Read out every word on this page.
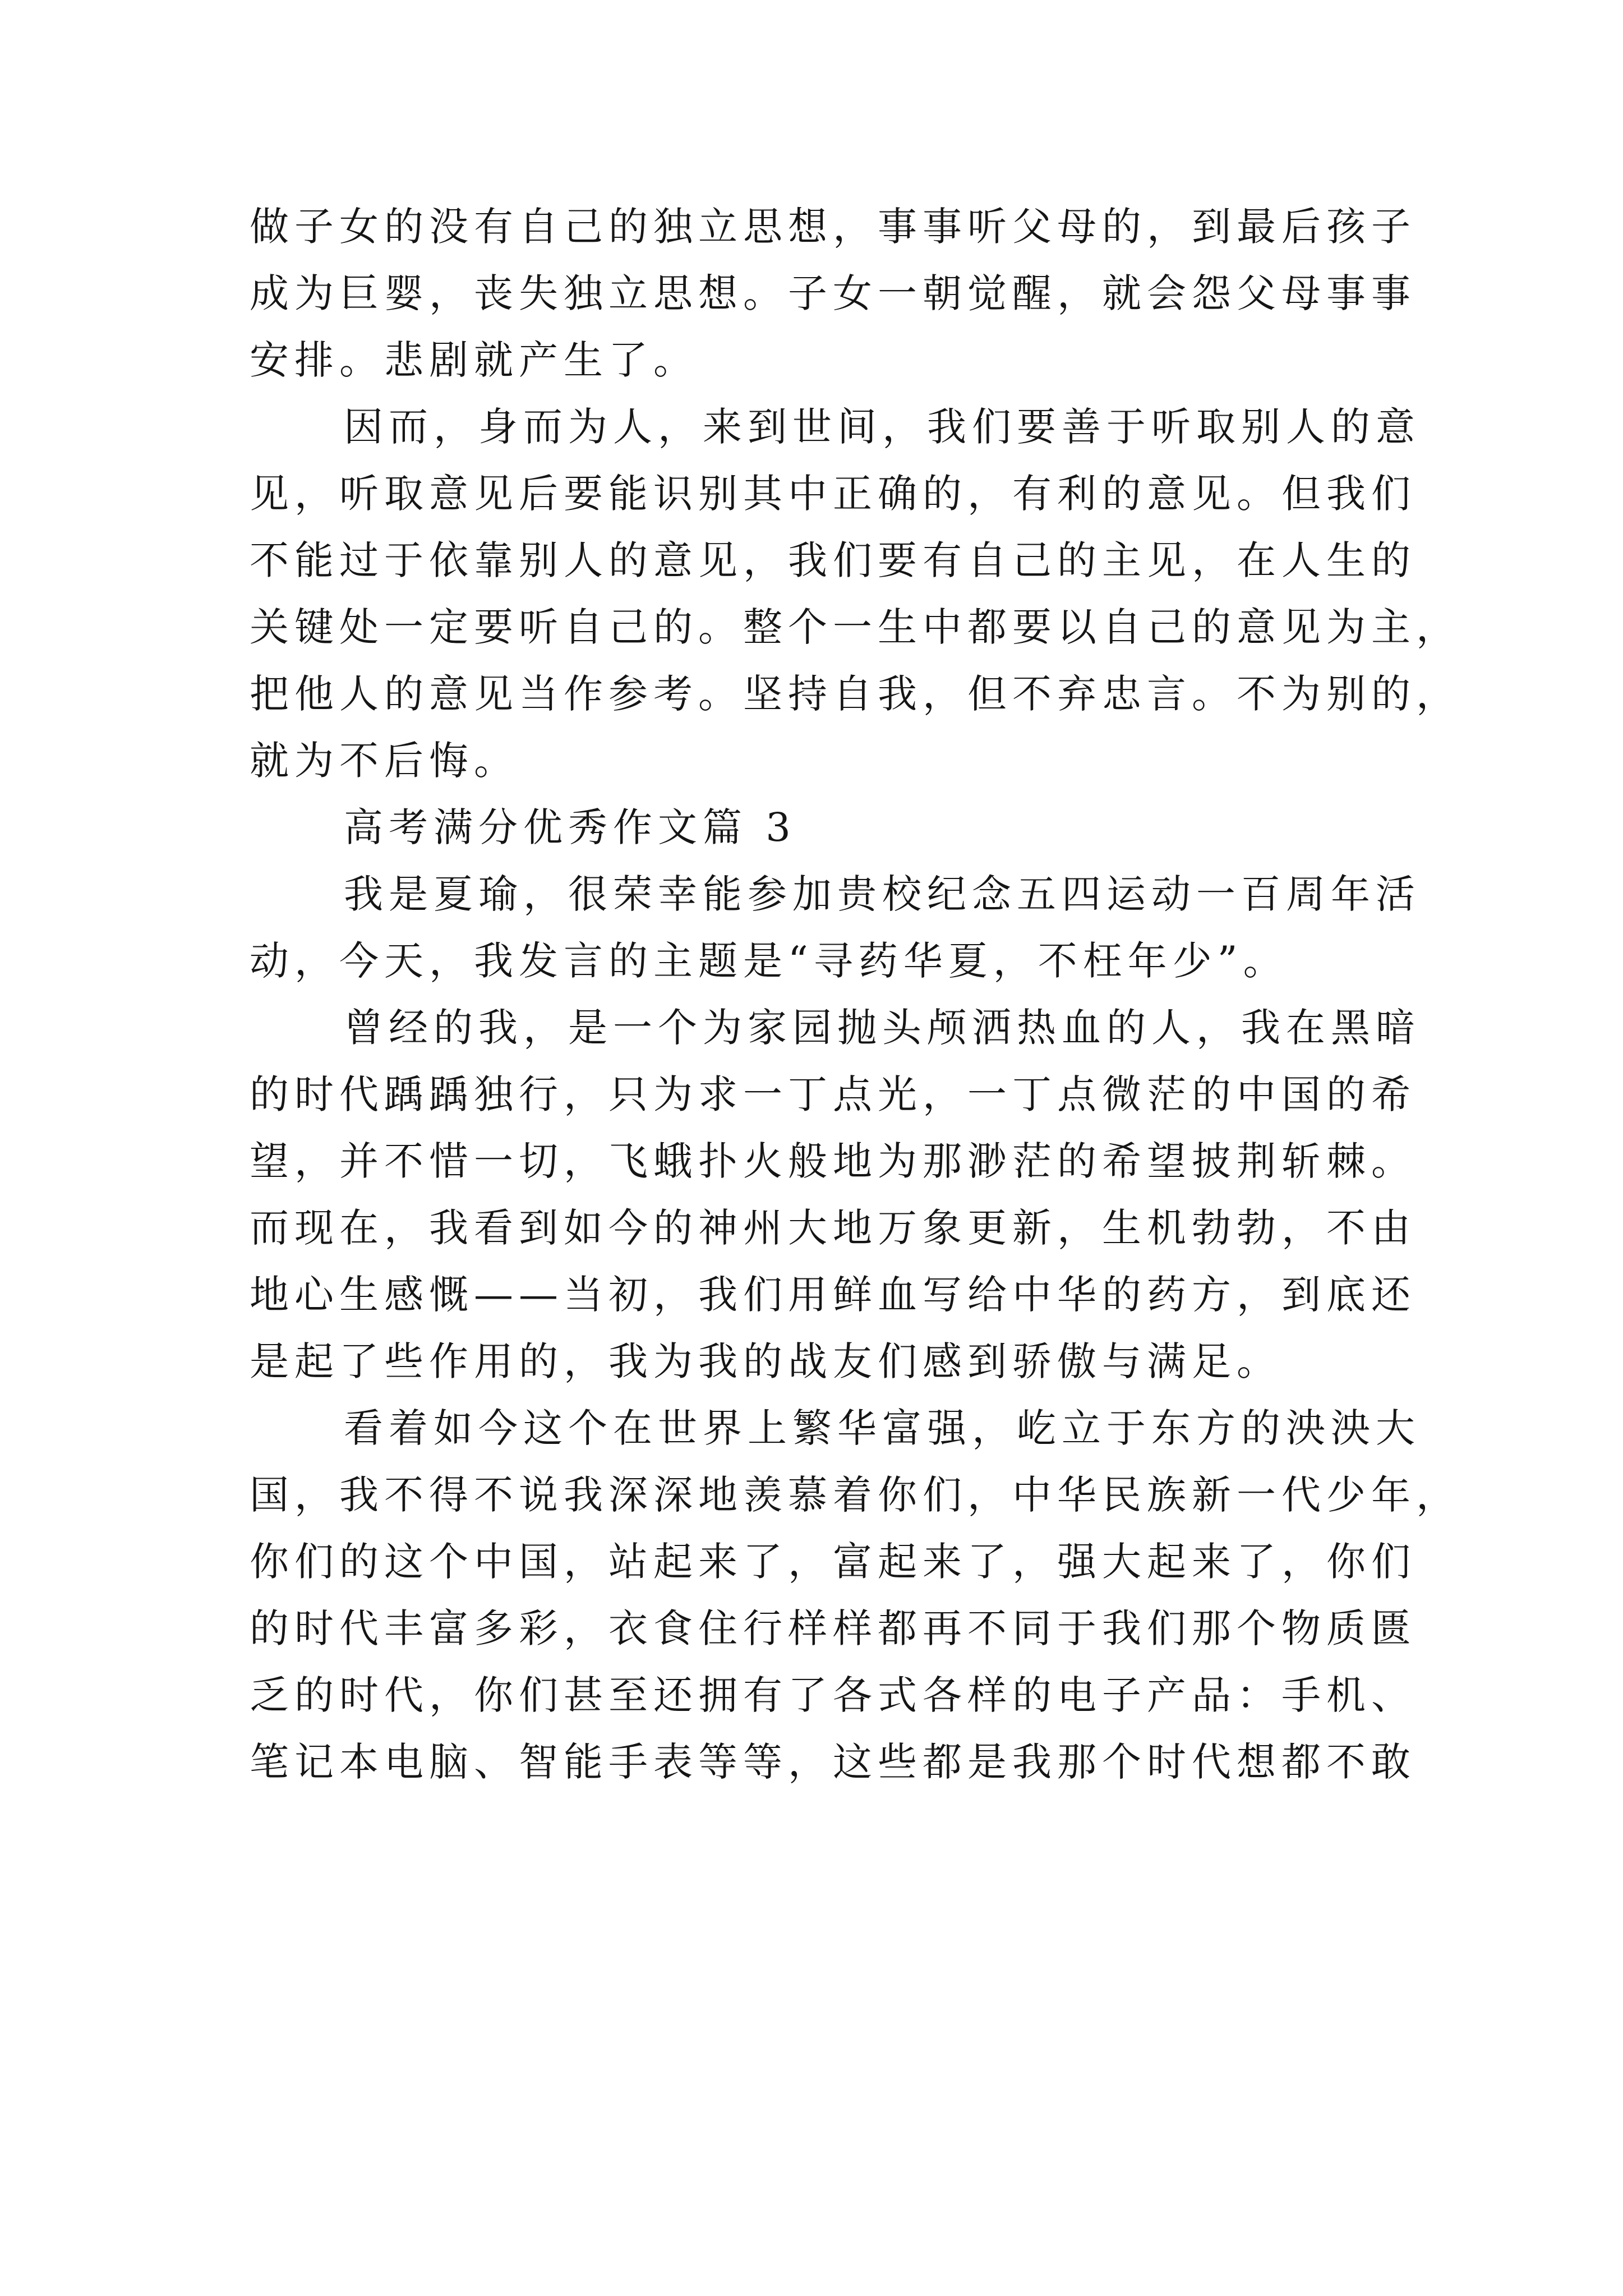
做子女的没有自己的独立思想，事事听父母的，到最后孩子
成为巨婴，丧失独立思想。子女一朝觉醒，就会怨父母事事
安排。悲剧就产生了。
因而，身而为人，来到世间，我们要善于听取别人的意
见，听取意见后要能识别其中正确的，有利的意见。但我们
不能过于依靠别人的意见，我们要有自己的主见，在人生的
关键处一定要听自己的。整个一生中都要以自己的意见为主，
把他人的意见当作参考。坚持自我，但不弃忠言。不为别的，
就为不后悔。
高考满分优秀作文篇 3
我是夏瑜，很荣幸能参加贵校纪念五四运动一百周年活
动，今天，我发言的主题是“寻药华夏，不枉年少”。
曾经的我，是一个为家园抛头颅洒热血的人，我在黑暗
的时代踽踽独行，只为求一丁点光，一丁点微茫的中国的希
望，并不惜一切，飞蛾扑火般地为那渺茫的希望披荆斩棘。
而现在，我看到如今的神州大地万象更新，生机勃勃，不由
地心生感慨——当初，我们用鲜血写给中华的药方，到底还
是起了些作用的，我为我的战友们感到骄傲与满足。
看着如今这个在世界上繁华富强，屹立于东方的泱泱大
国，我不得不说我深深地羡慕着你们，中华民族新一代少年，
你们的这个中国，站起来了，富起来了，强大起来了，你们
的时代丰富多彩，衣食住行样样都再不同于我们那个物质匮
乏的时代，你们甚至还拥有了各式各样的电子产品：手机、
笔记本电脑、智能手表等等，这些都是我那个时代想都不敢
